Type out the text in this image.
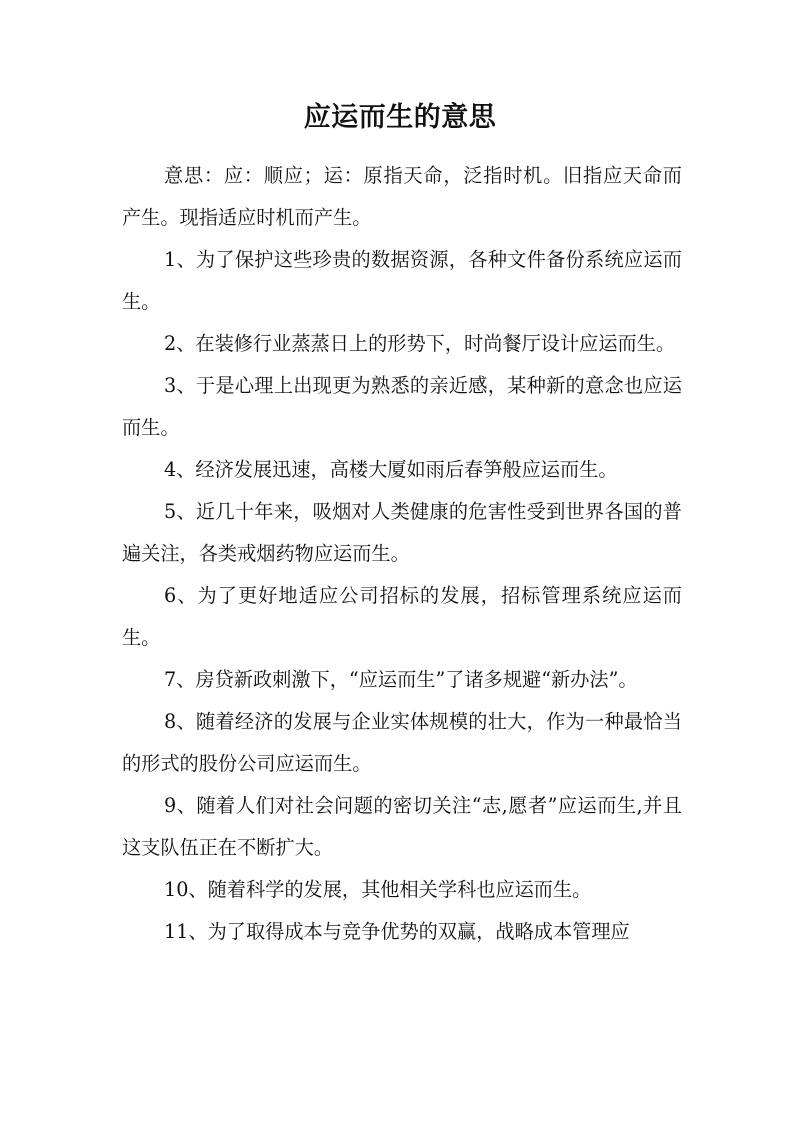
应运而生的意思

意思：应：顺应；运：原指天命，泛指时机。旧指应天命而产生。现指适应时机而产生。

1、为了保护这些珍贵的数据资源，各种文件备份系统应运而生。

2、在装修行业蒸蒸日上的形势下，时尚餐厅设计应运而生。

3、于是心理上出现更为熟悉的亲近感，某种新的意念也应运而生。

4、经济发展迅速，高楼大厦如雨后春笋般应运而生。

5、近几十年来，吸烟对人类健康的危害性受到世界各国的普遍关注，各类戒烟药物应运而生。

6、为了更好地适应公司招标的发展，招标管理系统应运而生。

7、房贷新政刺激下，“应运而生”了诸多规避“新办法”。

8、随着经济的发展与企业实体规模的壮大，作为一种最恰当的形式的股份公司应运而生。

9、随着人们对社会问题的密切关注“志,愿者”应运而生,并且这支队伍正在不断扩大。

10、随着科学的发展，其他相关学科也应运而生。

11、为了取得成本与竞争优势的双赢，战略成本管理应
